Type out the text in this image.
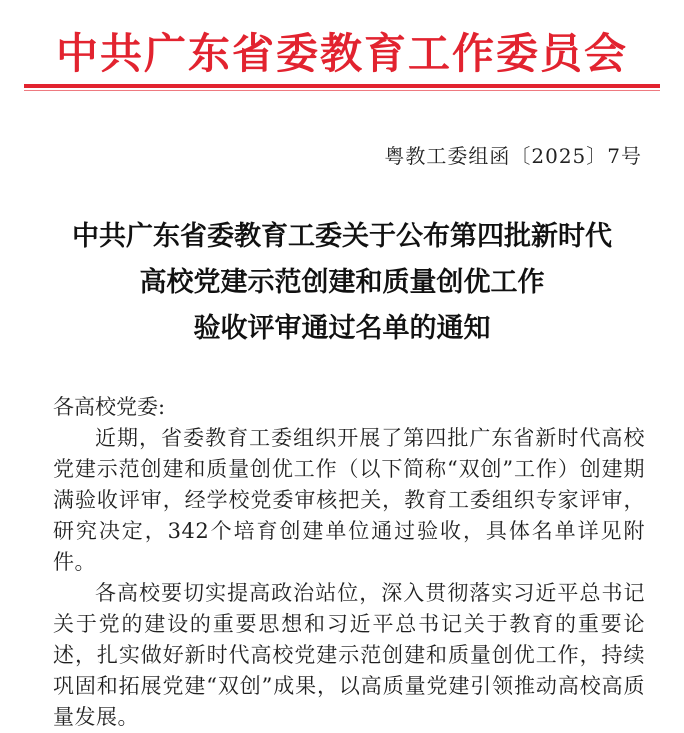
中共广东省委教育工作委员会
粤教工委组函〔2025〕7号
中共广东省委教育工委关于公布第四批新时代
高校党建示范创建和质量创优工作
验收评审通过名单的通知
各高校党委:
近期，省委教育工委组织开展了第四批广东省新时代高校党建示范创建和质量创优工作（以下简称“双创”工作）创建期满验收评审，经学校党委审核把关，教育工委组织专家评审，研究决定，342个培育创建单位通过验收，具体名单详见附件。
各高校要切实提高政治站位，深入贯彻落实习近平总书记关于党的建设的重要思想和习近平总书记关于教育的重要论述，扎实做好新时代高校党建示范创建和质量创优工作，持续巩固和拓展党建“双创”成果，以高质量党建引领推动高校高质量发展。
